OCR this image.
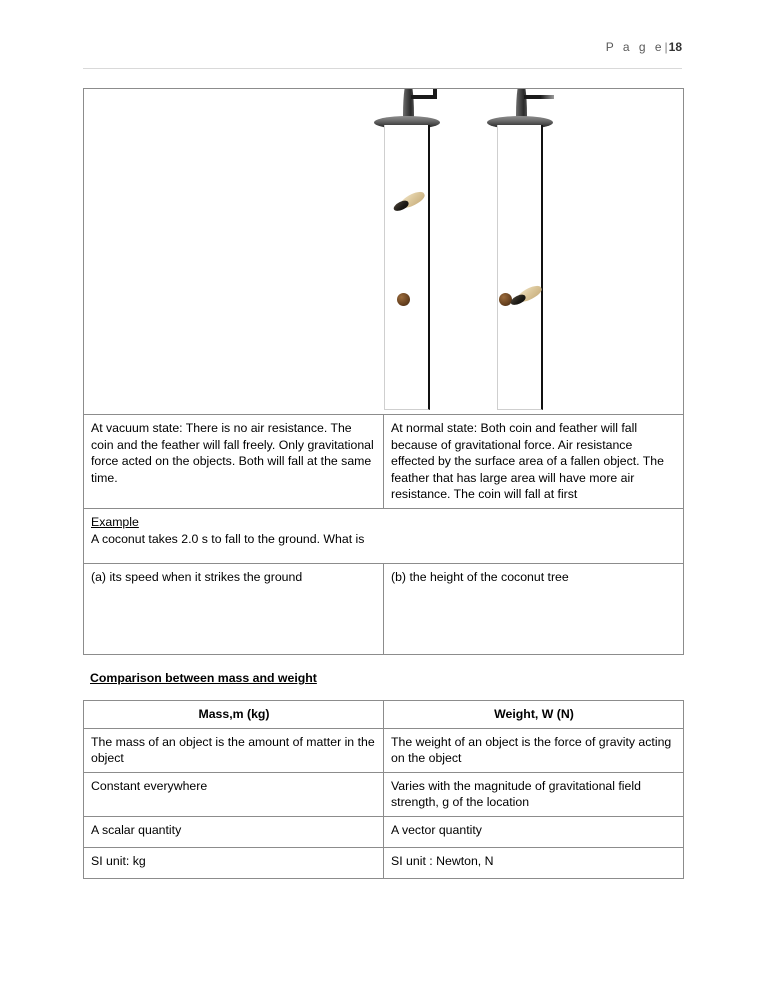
P a g e|18

At vacuum state: There is no air resistance. The coin and the feather will fall freely. Only gravitational force acted on the objects. Both will fall at the same time.	At normal state: Both coin and feather will fall because of gravitational force. Air resistance effected by the surface area of a fallen object. The feather that has large area will have more air resistance. The coin will fall at first
Example
A coconut takes 2.0 s to fall to the ground. What is	
(a) its speed when it strikes the ground	(b) the height of the coconut tree
Comparison between mass and weight
Mass,m (kg)	Weight, W (N)
The mass of an object is the amount of matter in the object	The weight of an object is the force of gravity acting on the object
Constant everywhere	Varies with the magnitude of gravitational field strength, g of the location
A scalar quantity	A vector quantity
SI unit: kg	SI unit : Newton, N
